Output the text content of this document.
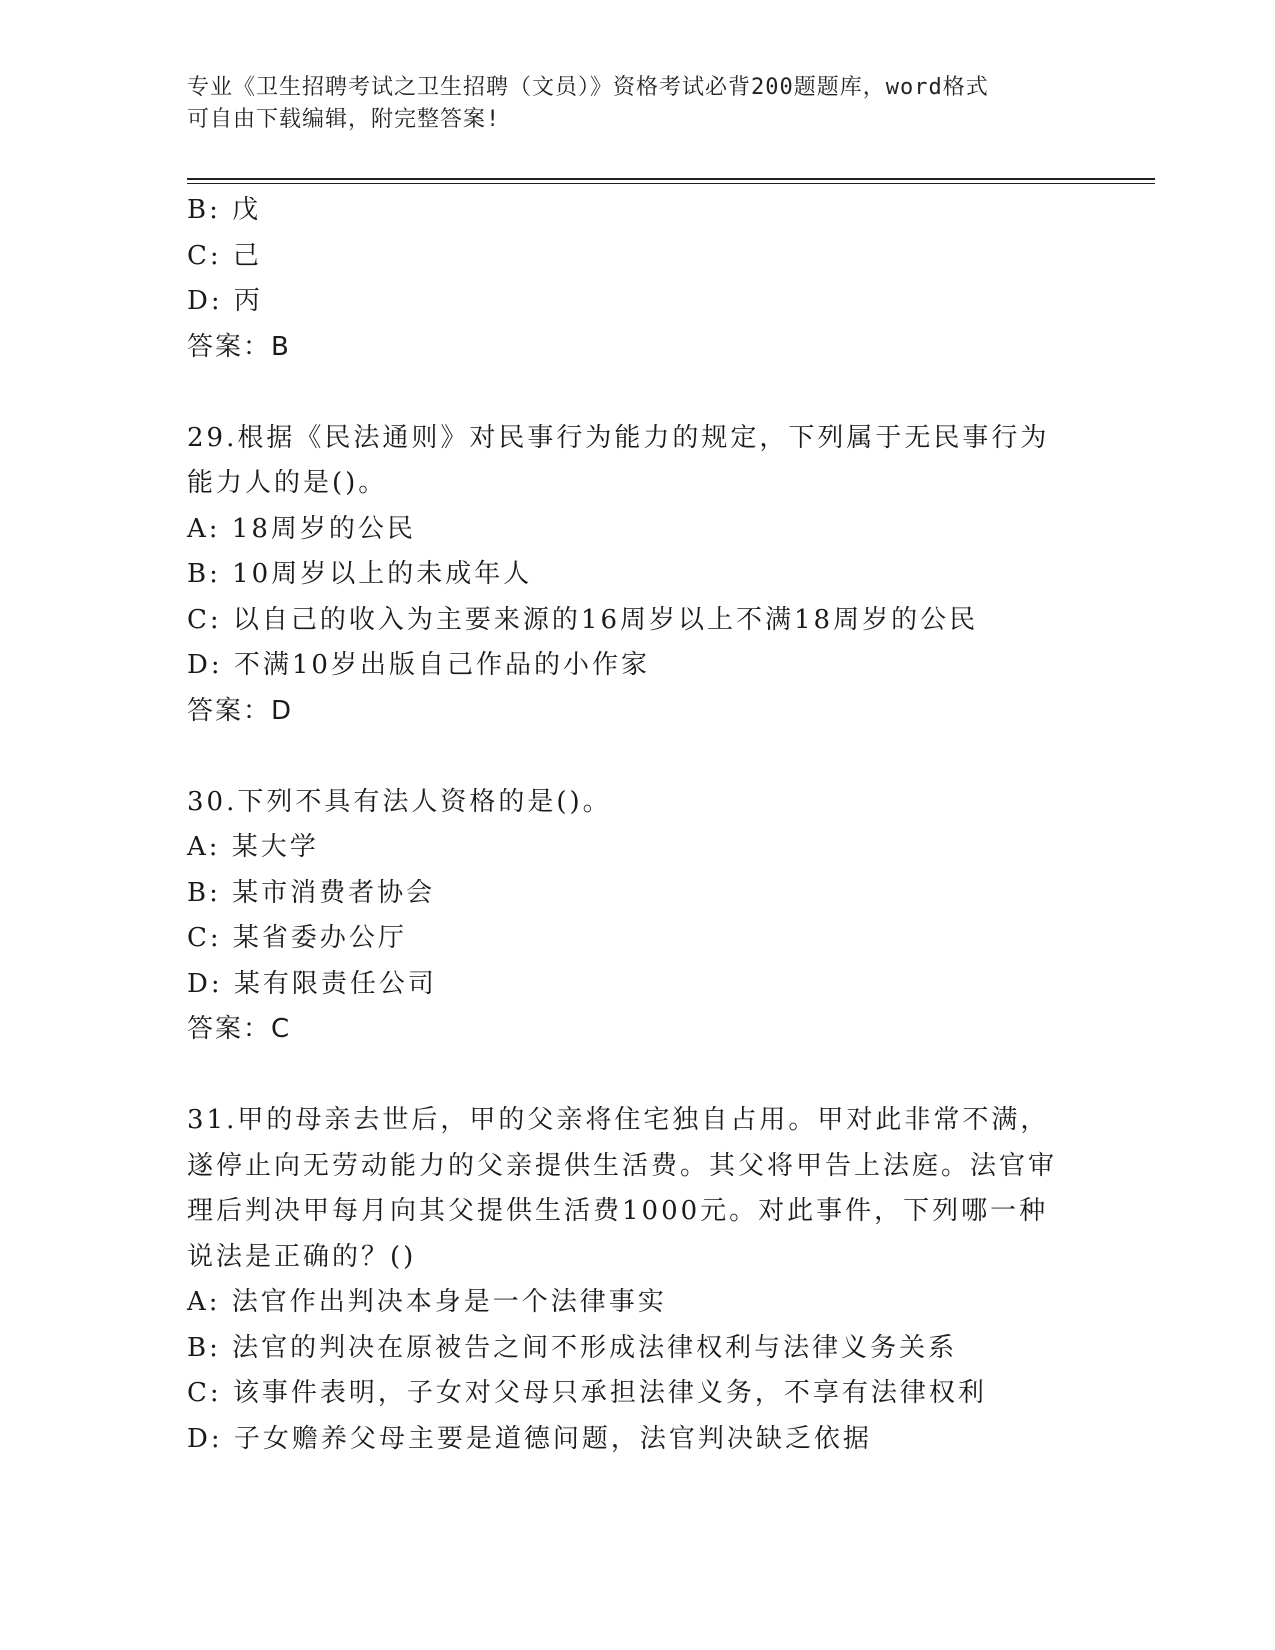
专业《卫生招聘考试之卫生招聘（文员）》资格考试必背200题题库，word格式
可自由下载编辑，附完整答案!
B: 戊
C: 己
D: 丙
答案：B
29.根据《民法通则》对民事行为能力的规定，下列属于无民事行为能力人的是()。
A: 18周岁的公民
B: 10周岁以上的未成年人
C: 以自己的收入为主要来源的16周岁以上不满18周岁的公民
D: 不满10岁出版自己作品的小作家
答案：D
30.下列不具有法人资格的是()。
A: 某大学
B: 某市消费者协会
C: 某省委办公厅
D: 某有限责任公司
答案：C
31.甲的母亲去世后，甲的父亲将住宅独自占用。甲对此非常不满，遂停止向无劳动能力的父亲提供生活费。其父将甲告上法庭。法官审理后判决甲每月向其父提供生活费1000元。对此事件，下列哪一种说法是正确的？()
A: 法官作出判决本身是一个法律事实
B: 法官的判决在原被告之间不形成法律权利与法律义务关系
C: 该事件表明，子女对父母只承担法律义务，不享有法律权利
D: 子女赡养父母主要是道德问题，法官判决缺乏依据
